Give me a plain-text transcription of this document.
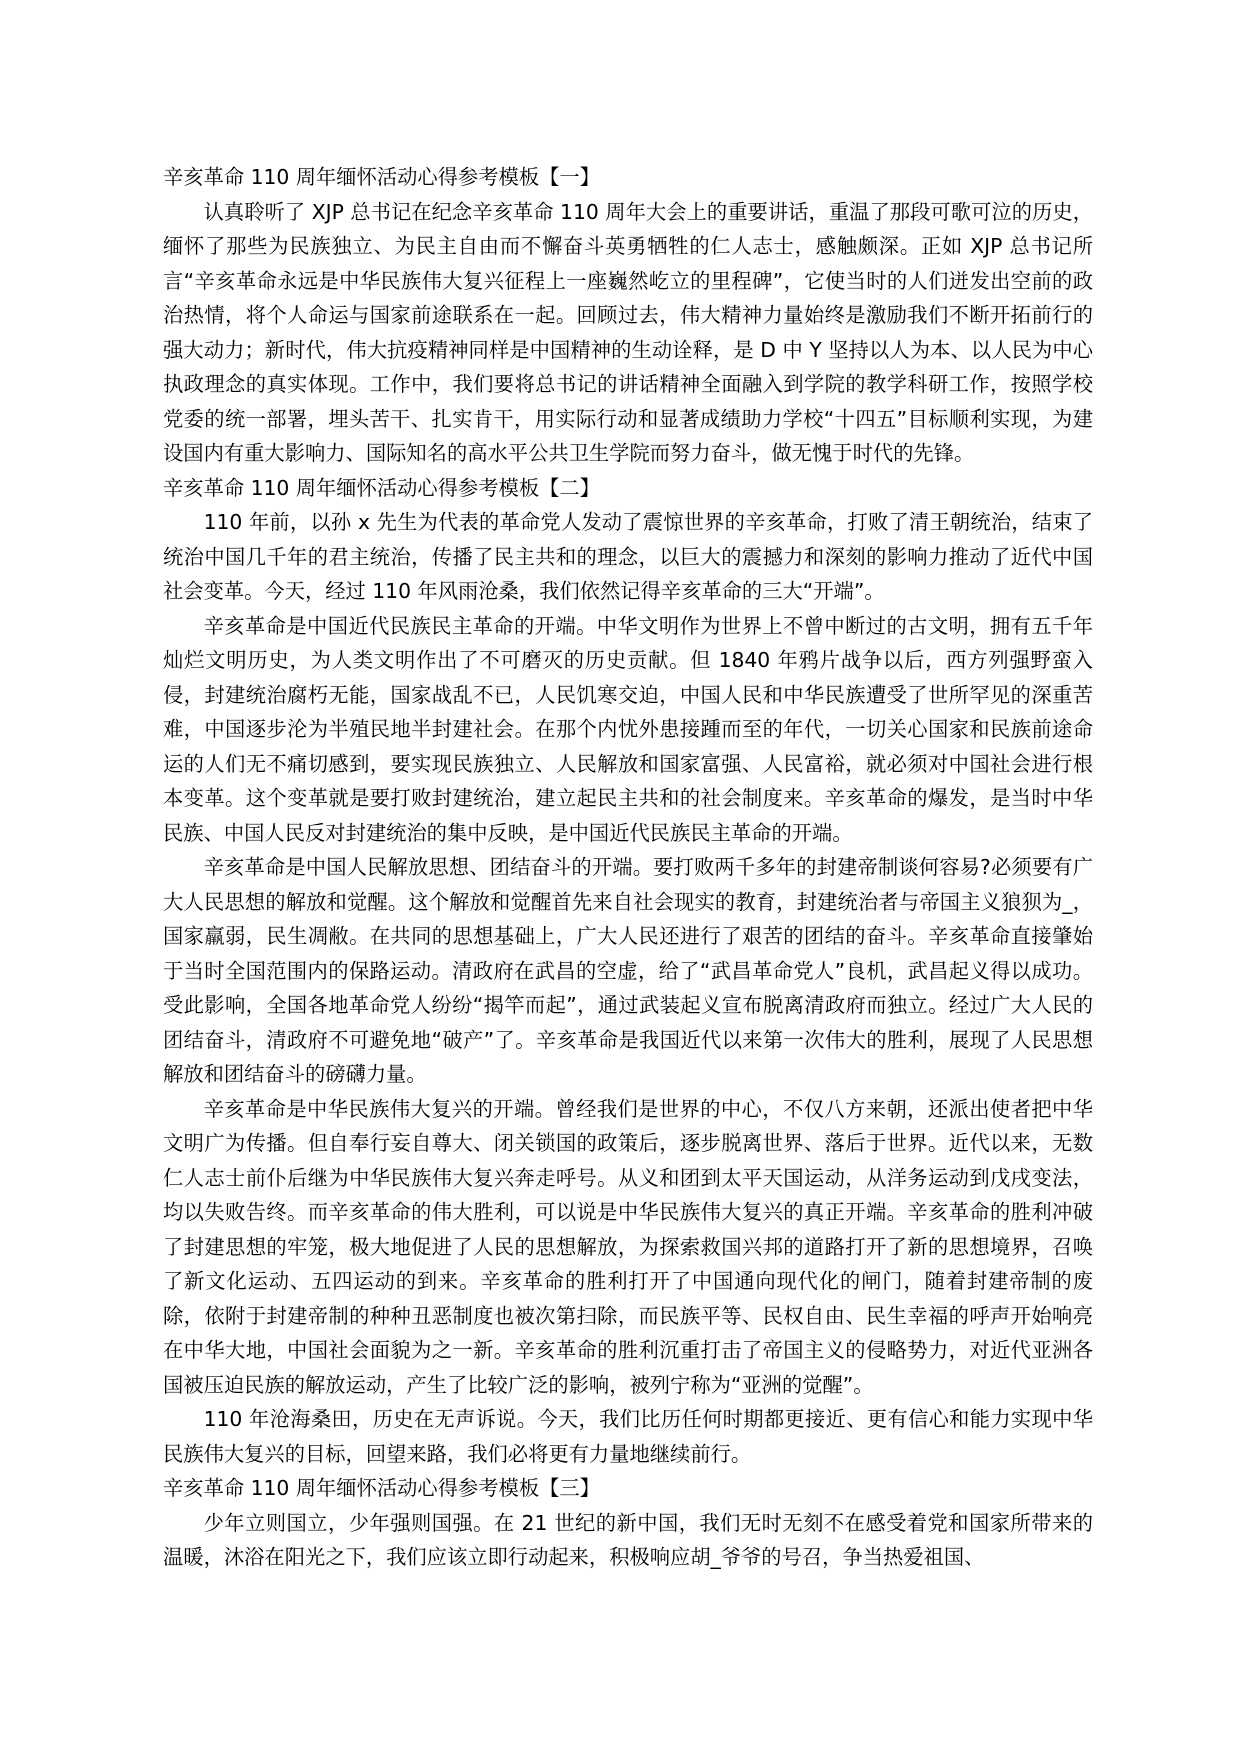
辛亥革命 110 周年缅怀活动心得参考模板【一】

认真聆听了 XJP 总书记在纪念辛亥革命 110 周年大会上的重要讲话，重温了那段可歌可泣的历史，缅怀了那些为民族独立、为民主自由而不懈奋斗英勇牺牲的仁人志士，感触颇深。正如 XJP 总书记所言“辛亥革命永远是中华民族伟大复兴征程上一座巍然屹立的里程碑”，它使当时的人们迸发出空前的政治热情，将个人命运与国家前途联系在一起。回顾过去，伟大精神力量始终是激励我们不断开拓前行的强大动力；新时代，伟大抗疫精神同样是中国精神的生动诠释，是 D 中 Y 坚持以人为本、以人民为中心执政理念的真实体现。工作中，我们要将总书记的讲话精神全面融入到学院的教学科研工作，按照学校党委的统一部署，埋头苦干、扎实肯干，用实际行动和显著成绩助力学校“十四五”目标顺利实现，为建设国内有重大影响力、国际知名的高水平公共卫生学院而努力奋斗，做无愧于时代的先锋。

辛亥革命 110 周年缅怀活动心得参考模板【二】

110 年前，以孙 x 先生为代表的革命党人发动了震惊世界的辛亥革命，打败了清王朝统治，结束了统治中国几千年的君主统治，传播了民主共和的理念，以巨大的震撼力和深刻的影响力推动了近代中国社会变革。今天，经过 110 年风雨沧桑，我们依然记得辛亥革命的三大“开端”。

辛亥革命是中国近代民族民主革命的开端。中华文明作为世界上不曾中断过的古文明，拥有五千年灿烂文明历史，为人类文明作出了不可磨灭的历史贡献。但 1840 年鸦片战争以后，西方列强野蛮入侵，封建统治腐朽无能，国家战乱不已，人民饥寒交迫，中国人民和中华民族遭受了世所罕见的深重苦难，中国逐步沦为半殖民地半封建社会。在那个内忧外患接踵而至的年代，一切关心国家和民族前途命运的人们无不痛切感到，要实现民族独立、人民解放和国家富强、人民富裕，就必须对中国社会进行根本变革。这个变革就是要打败封建统治，建立起民主共和的社会制度来。辛亥革命的爆发，是当时中华民族、中国人民反对封建统治的集中反映，是中国近代民族民主革命的开端。

辛亥革命是中国人民解放思想、团结奋斗的开端。要打败两千多年的封建帝制谈何容易?必须要有广大人民思想的解放和觉醒。这个解放和觉醒首先来自社会现实的教育，封建统治者与帝国主义狼狈为_，国家羸弱，民生凋敝。在共同的思想基础上，广大人民还进行了艰苦的团结的奋斗。辛亥革命直接肇始于当时全国范围内的保路运动。清政府在武昌的空虚，给了“武昌革命党人”良机，武昌起义得以成功。受此影响，全国各地革命党人纷纷“揭竿而起”，通过武装起义宣布脱离清政府而独立。经过广大人民的团结奋斗，清政府不可避免地“破产”了。辛亥革命是我国近代以来第一次伟大的胜利，展现了人民思想解放和团结奋斗的磅礴力量。

辛亥革命是中华民族伟大复兴的开端。曾经我们是世界的中心，不仅八方来朝，还派出使者把中华文明广为传播。但自奉行妄自尊大、闭关锁国的政策后，逐步脱离世界、落后于世界。近代以来，无数仁人志士前仆后继为中华民族伟大复兴奔走呼号。从义和团到太平天国运动，从洋务运动到戊戌变法，均以失败告终。而辛亥革命的伟大胜利，可以说是中华民族伟大复兴的真正开端。辛亥革命的胜利冲破了封建思想的牢笼，极大地促进了人民的思想解放，为探索救国兴邦的道路打开了新的思想境界，召唤了新文化运动、五四运动的到来。辛亥革命的胜利打开了中国通向现代化的闸门，随着封建帝制的废除，依附于封建帝制的种种丑恶制度也被次第扫除，而民族平等、民权自由、民生幸福的呼声开始响亮在中华大地，中国社会面貌为之一新。辛亥革命的胜利沉重打击了帝国主义的侵略势力，对近代亚洲各国被压迫民族的解放运动，产生了比较广泛的影响，被列宁称为“亚洲的觉醒”。

110 年沧海桑田，历史在无声诉说。今天，我们比历任何时期都更接近、更有信心和能力实现中华民族伟大复兴的目标，回望来路，我们必将更有力量地继续前行。

辛亥革命 110 周年缅怀活动心得参考模板【三】

少年立则国立，少年强则国强。在 21 世纪的新中国，我们无时无刻不在感受着党和国家所带来的温暖，沐浴在阳光之下，我们应该立即行动起来，积极响应胡_爷爷的号召，争当热爱祖国、
